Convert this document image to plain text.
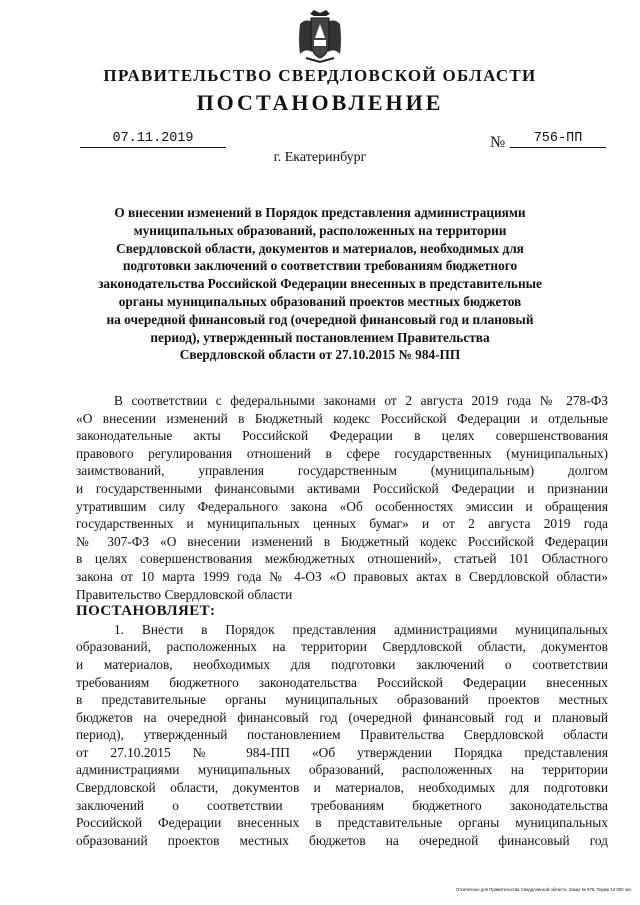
ПРАВИТЕЛЬСТВО СВЕРДЛОВСКОЙ ОБЛАСТИ
ПОСТАНОВЛЕНИЕ
07.11.2019	№	756-ПП
г. Екатеринбург
О внесении изменений в Порядок представления администрациями
муниципальных образований, расположенных на территории
Свердловской области, документов и материалов, необходимых для
подготовки заключений о соответствии требованиям бюджетного
законодательства Российской Федерации внесенных в представительные
органы муниципальных образований проектов местных бюджетов
на очередной финансовый год (очередной финансовый год и плановый
период), утвержденный постановлением Правительства
Свердловской области от 27.10.2015 № 984-ПП
В соответствии с федеральными законами от 2 августа 2019 года № 278-ФЗ
«О внесении изменений в Бюджетный кодекс Российской Федерации и отдельные
законодательные акты Российской Федерации в целях совершенствования
правового регулирования отношений в сфере государственных (муниципальных)
заимствований, управления государственным (муниципальным) долгом
и государственными финансовыми активами Российской Федерации и признании
утратившим силу Федерального закона «Об особенностях эмиссии и обращения
государственных и муниципальных ценных бумаг» и от 2 августа 2019 года
№ 307-ФЗ «О внесении изменений в Бюджетный кодекс Российской Федерации
в целях совершенствования межбюджетных отношений», статьей 101 Областного
закона от 10 марта 1999 года № 4-ОЗ «О правовых актах в Свердловской области»
Правительство Свердловской области
ПОСТАНОВЛЯЕТ:
1. Внести в Порядок представления администрациями муниципальных
образований, расположенных на территории Свердловской области, документов
и материалов, необходимых для подготовки заключений о соответствии
требованиям бюджетного законодательства Российской Федерации внесенных
в представительные органы муниципальных образований проектов местных
бюджетов на очередной финансовый год (очередной финансовый год и плановый
период), утвержденный постановлением Правительства Свердловской области
от 27.10.2015 № 984-ПП «Об утверждении Порядка представления
администрациями муниципальных образований, расположенных на территории
Свердловской области, документов и материалов, необходимых для подготовки
заключений о соответствии требованиям бюджетного законодательства
Российской Федерации внесенных в представительные органы муниципальных
образований проектов местных бюджетов на очередной финансовый год
Отпечатано для Правительства Свердловской области. Заказ № 575. Тираж 14 000 экз.
